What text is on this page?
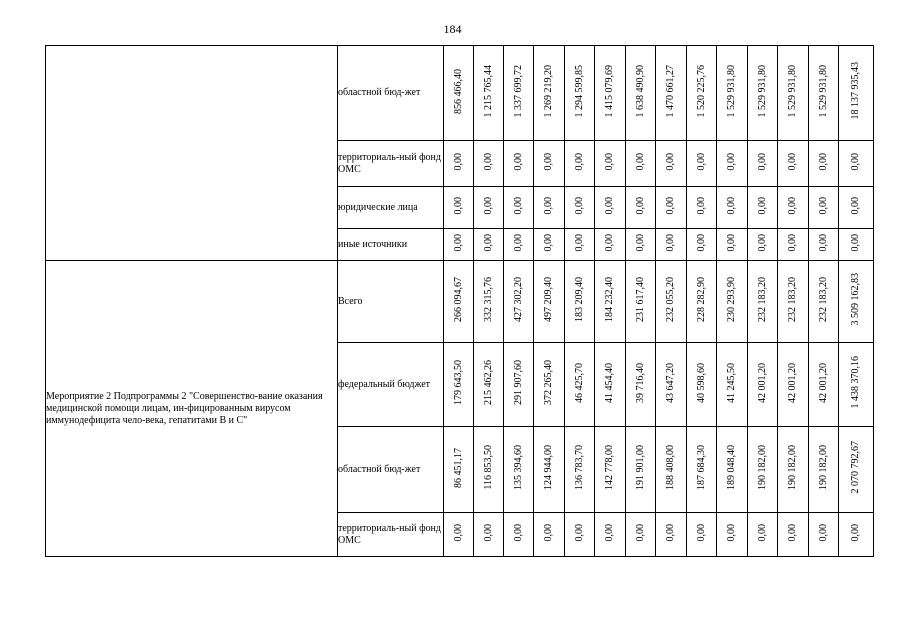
184
	областной бюд-жет	856 466,40	1 215 765,44	1 337 699,72	1 269 219,20	1 294 599,85	1 415 079,69	1 638 490,90	1 470 661,27	1 520 225,76	1 529 931,80	1 529 931,80	1 529 931,80	1 529 931,80	18 137 935,43
	территориаль-ный фонд ОМС	0,00	0,00	0,00	0,00	0,00	0,00	0,00	0,00	0,00	0,00	0,00	0,00	0,00	0,00
	юридические лица	0,00	0,00	0,00	0,00	0,00	0,00	0,00	0,00	0,00	0,00	0,00	0,00	0,00	0,00
	иные источники	0,00	0,00	0,00	0,00	0,00	0,00	0,00	0,00	0,00	0,00	0,00	0,00	0,00	0,00
Мероприятие 2 Подпрограммы 2 "Совершенство-вание оказания медицинской помощи лицам, ин-фицированным вирусом иммунодефицита чело-века, гепатитами В и С"	Всего	266 094,67	332 315,76	427 302,20	497 209,40	183 209,40	184 232,40	231 617,40	232 055,20	228 282,90	230 293,90	232 183,20	232 183,20	232 183,20	3 509 162,83
	федеральный бюджет	179 643,50	215 462,26	291 907,60	372 265,40	46 425,70	41 454,40	39 716,40	43 647,20	40 598,60	41 245,50	42 001,20	42 001,20	42 001,20	1 438 370,16
	областной бюд-жет	86 451,17	116 853,50	135 394,60	124 944,00	136 783,70	142 778,00	191 901,00	188 408,00	187 684,30	189 048,40	190 182,00	190 182,00	190 182,00	2 070 792,67
	территориаль-ный фонд ОМС	0,00	0,00	0,00	0,00	0,00	0,00	0,00	0,00	0,00	0,00	0,00	0,00	0,00	0,00
